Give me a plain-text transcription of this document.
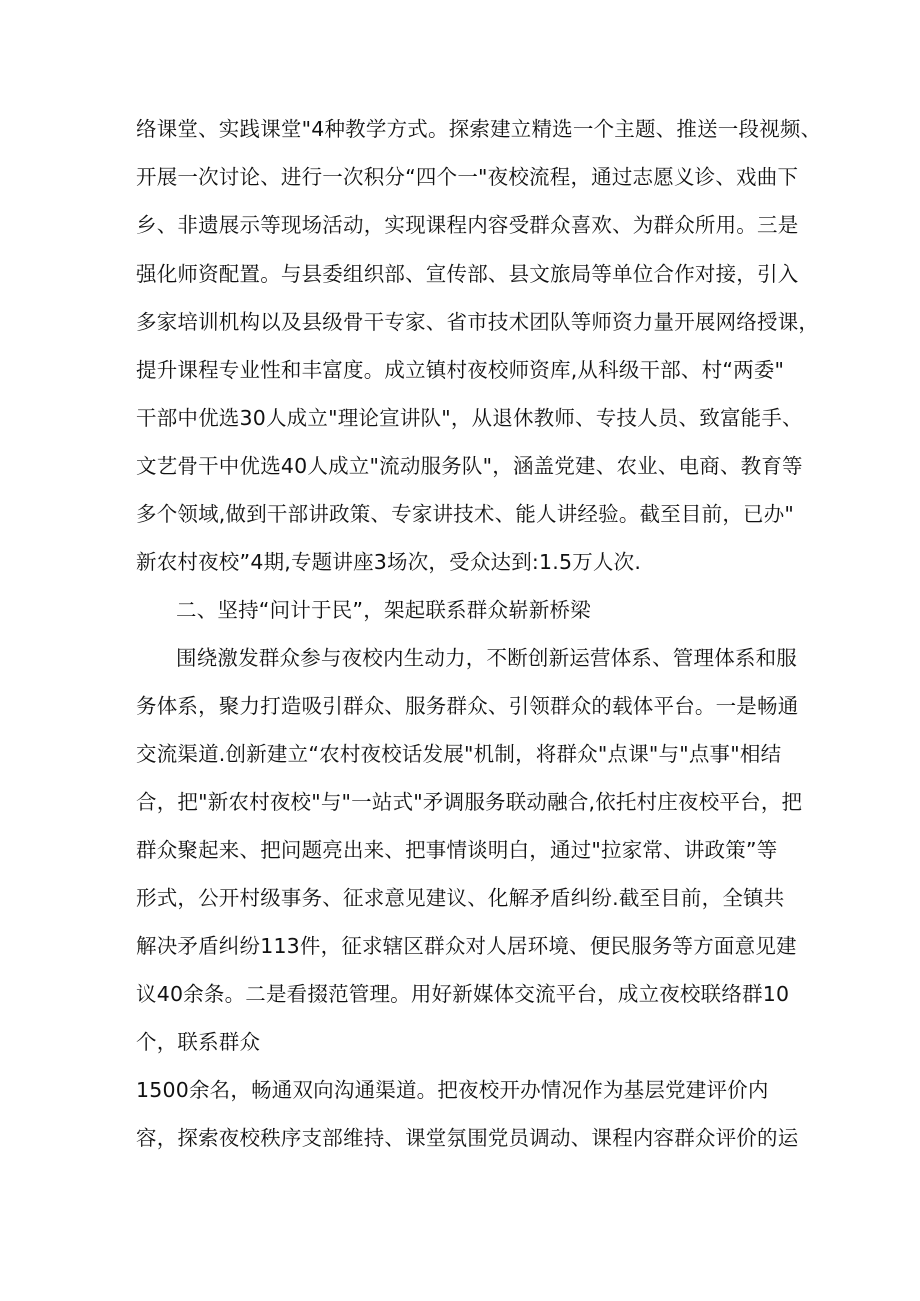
络课堂、实践课堂"4种教学方式。探索建立精选一个主题、推送一段视频、
开展一次讨论、进行一次积分“四个一"夜校流程，通过志愿义诊、戏曲下
乡、非遗展示等现场活动，实现课程内容受群众喜欢、为群众所用。三是
强化师资配置。与县委组织部、宣传部、县文旅局等单位合作对接，引入
多家培训机构以及县级骨干专家、省市技术团队等师资力量开展网络授课，
提升课程专业性和丰富度。成立镇村夜校师资库,从科级干部、村“两委"
干部中优选30人成立"理论宣讲队"，从退休教师、专技人员、致富能手、
文艺骨干中优选40人成立"流动服务队"，涵盖党建、农业、电商、教育等
多个领域,做到干部讲政策、专家讲技术、能人讲经验。截至目前，已办"
新农村夜校”4期,专题讲座3场次，受众达到:1.5万人次.
二、坚持“问计于民”，架起联系群众崭新桥梁
围绕激发群众参与夜校内生动力，不断创新运营体系、管理体系和服
务体系，聚力打造吸引群众、服务群众、引领群众的载体平台。一是畅通
交流渠道.创新建立“农村夜校话发展"机制，将群众"点课"与"点事"相结
合，把"新农村夜校"与"一站式"矛调服务联动融合,依托村庄夜校平台，把
群众聚起来、把问题亮出来、把事情谈明白，通过"拉家常、讲政策”等
形式，公开村级事务、征求意见建议、化解矛盾纠纷.截至目前，全镇共
解决矛盾纠纷113件，征求辖区群众对人居环境、便民服务等方面意见建
议40余条。二是看掇范管理。用好新媒体交流平台，成立夜校联络群10
个，联系群众
1500余名，畅通双向沟通渠道。把夜校开办情况作为基层党建评价内
容，探索夜校秩序支部维持、课堂氛围党员调动、课程内容群众评价的运
